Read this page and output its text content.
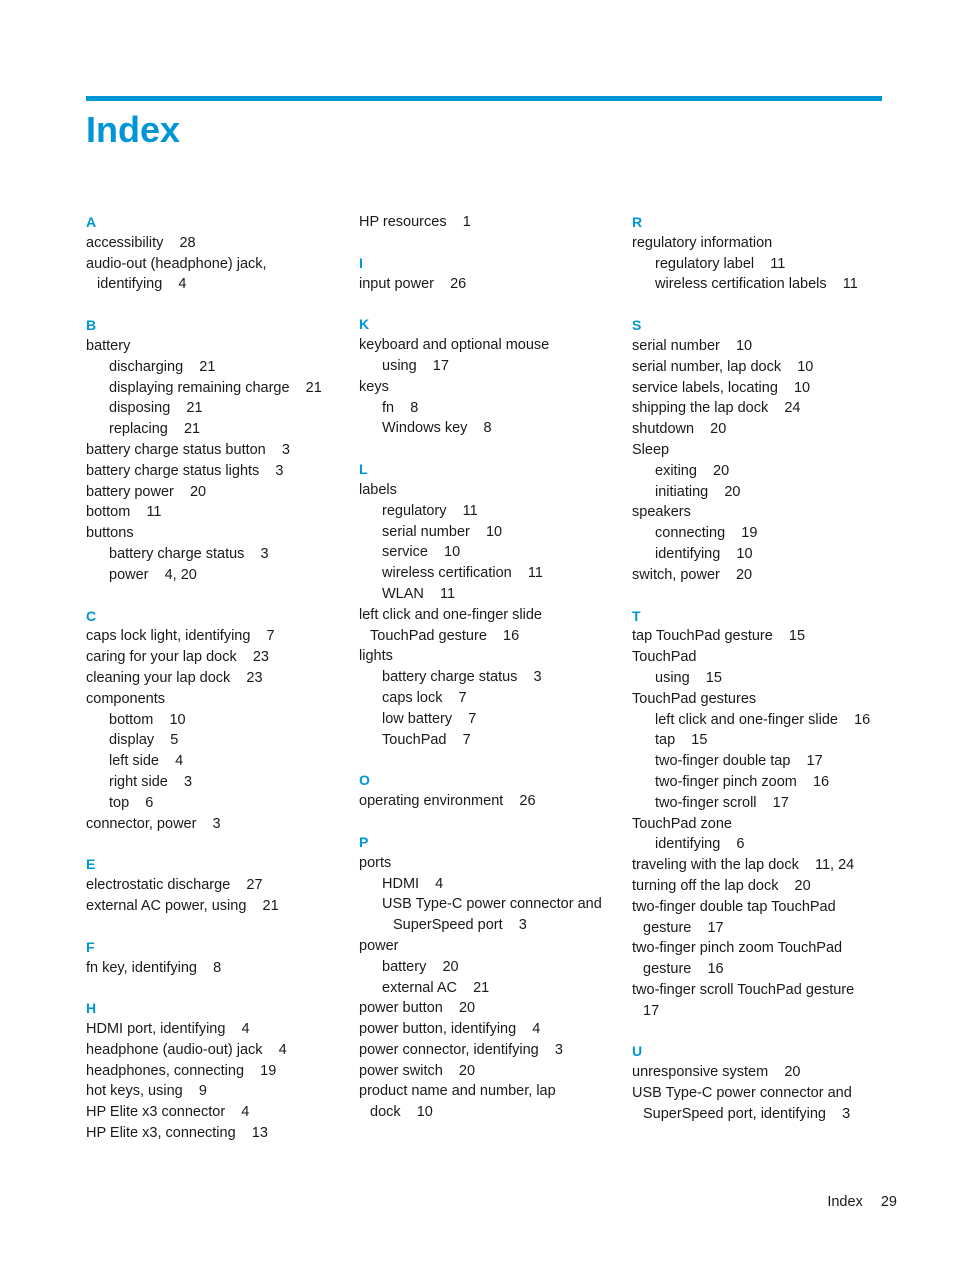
Index
A
accessibility    28
audio-out (headphone) jack,
identifying    4
B
battery
discharging    21
displaying remaining charge    21
disposing    21
replacing    21
battery charge status button    3
battery charge status lights    3
battery power    20
bottom    11
buttons
battery charge status    3
power    4, 20
C
caps lock light, identifying    7
caring for your lap dock    23
cleaning your lap dock    23
components
bottom    10
display    5
left side    4
right side    3
top    6
connector, power    3
E
electrostatic discharge    27
external AC power, using    21
F
fn key, identifying    8
H
HDMI port, identifying    4
headphone (audio-out) jack    4
headphones, connecting    19
hot keys, using    9
HP Elite x3 connector    4
HP Elite x3, connecting    13
HP resources    1
I
input power    26
K
keyboard and optional mouse
using    17
keys
fn    8
Windows key    8
L
labels
regulatory    11
serial number    10
service    10
wireless certification    11
WLAN    11
left click and one-finger slide
TouchPad gesture    16
lights
battery charge status    3
caps lock    7
low battery    7
TouchPad    7
O
operating environment    26
P
ports
HDMI    4
USB Type-C power connector and
SuperSpeed port    3
power
battery    20
external AC    21
power button    20
power button, identifying    4
power connector, identifying    3
power switch    20
product name and number, lap
dock    10
R
regulatory information
regulatory label    11
wireless certification labels    11
S
serial number    10
serial number, lap dock    10
service labels, locating    10
shipping the lap dock    24
shutdown    20
Sleep
exiting    20
initiating    20
speakers
connecting    19
identifying    10
switch, power    20
T
tap TouchPad gesture    15
TouchPad
using    15
TouchPad gestures
left click and one-finger slide    16
tap    15
two-finger double tap    17
two-finger pinch zoom    16
two-finger scroll    17
TouchPad zone
identifying    6
traveling with the lap dock    11, 24
turning off the lap dock    20
two-finger double tap TouchPad
gesture    17
two-finger pinch zoom TouchPad
gesture    16
two-finger scroll TouchPad gesture
17
U
unresponsive system    20
USB Type-C power connector and
SuperSpeed port, identifying    3
Index 29
